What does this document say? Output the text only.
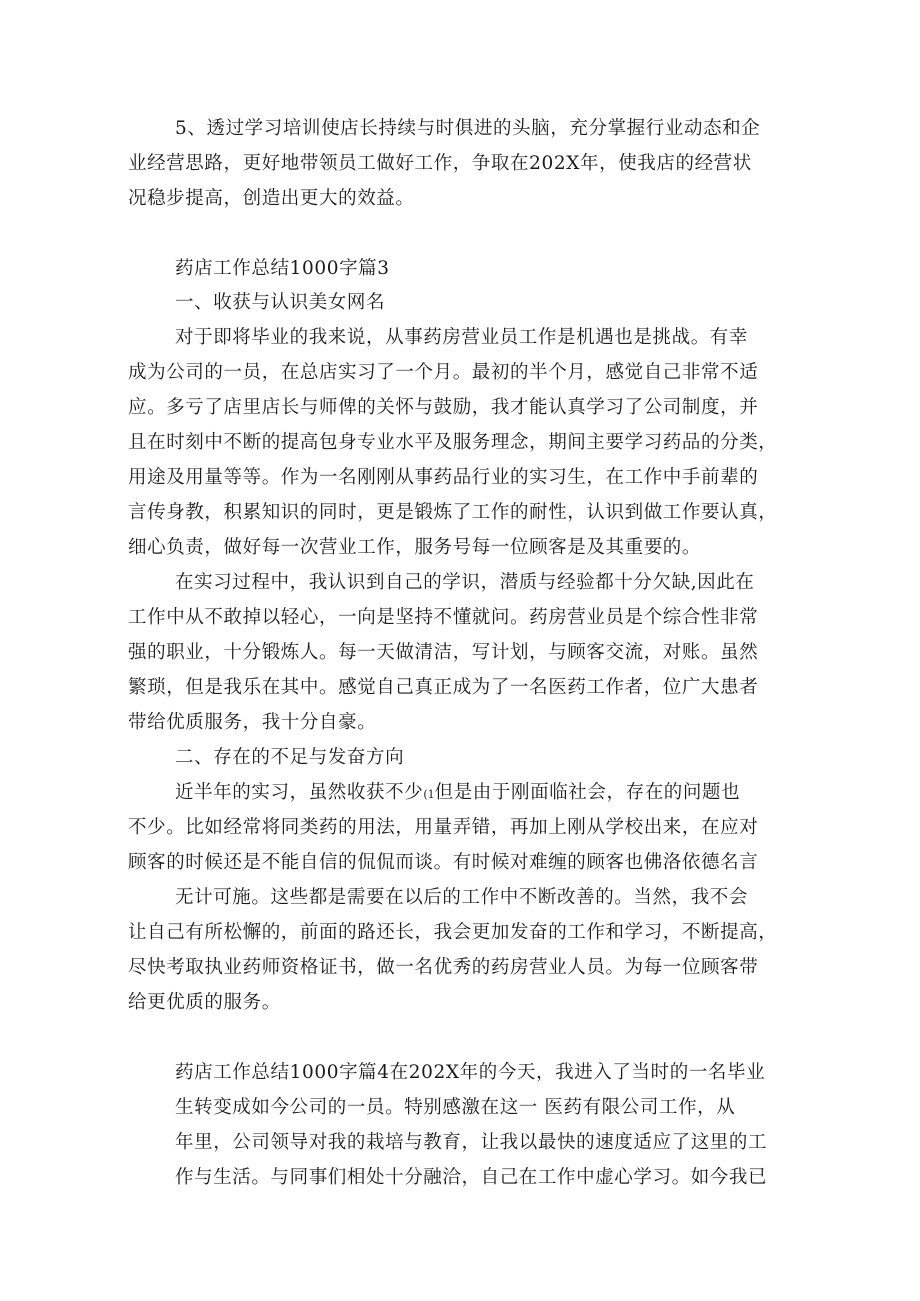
5、透过学习培训使店长持续与时俱进的头脑，充分掌握行业动态和企

业经营思路，更好地带领员工做好工作，争取在202X年，使我店的经营状

况稳步提高，创造出更大的效益。

药店工作总结1000字篇3

一、收获与认识美女网名

对于即将毕业的我来说，从事药房营业员工作是机遇也是挑战。有幸

成为公司的一员，在总店实习了一个月。最初的半个月，感觉自己非常不适

应。多亏了店里店长与师俾的关怀与鼓励，我才能认真学习了公司制度，并

且在时刻中不断的提高包身专业水平及服务理念，期间主要学习药品的分类，

用途及用量等等。作为一名刚刚从事药品行业的实习生，在工作中手前辈的

言传身教，积累知识的同时，更是锻炼了工作的耐性，认识到做工作要认真，

细心负责，做好每一次营业工作，服务号每一位顾客是及其重要的。

在实习过程中，我认识到自己的学识，潜质与经验都十分欠缺,因此在

工作中从不敢掉以轻心，一向是坚持不懂就问。药房营业员是个综合性非常

强的职业，十分锻炼人。每一天做清洁，写计划，与顾客交流，对账。虽然

繁琐，但是我乐在其中。感觉自己真正成为了一名医药工作者，位广大患者

带给优质服务，我十分自豪。

二、存在的不足与发奋方向

近半年的实习，虽然收获不少(1但是由于刚面临社会，存在的问题也

不少。比如经常将同类药的用法，用量弄错，再加上刚从学校出来，在应对

顾客的时候还是不能自信的侃侃而谈。有时候对难缠的顾客也佛洛依德名言

无计可施。这些都是需要在以后的工作中不断改善的。当然，我不会

让自己有所松懈的，前面的路还长，我会更加发奋的工作和学习，不断提高，

尽快考取执业药师资格证书，做一名优秀的药房营业人员。为每一位顾客带

给更优质的服务。

药店工作总结1000字篇4在202X年的今天，我进入了当时的一名毕业

生转变成如今公司的一员。特别感激在这一 医药有限公司工作，从

年里，公司领导对我的栽培与教育，让我以最快的速度适应了这里的工

作与生活。与同事们相处十分融洽，自己在工作中虚心学习。如今我已
